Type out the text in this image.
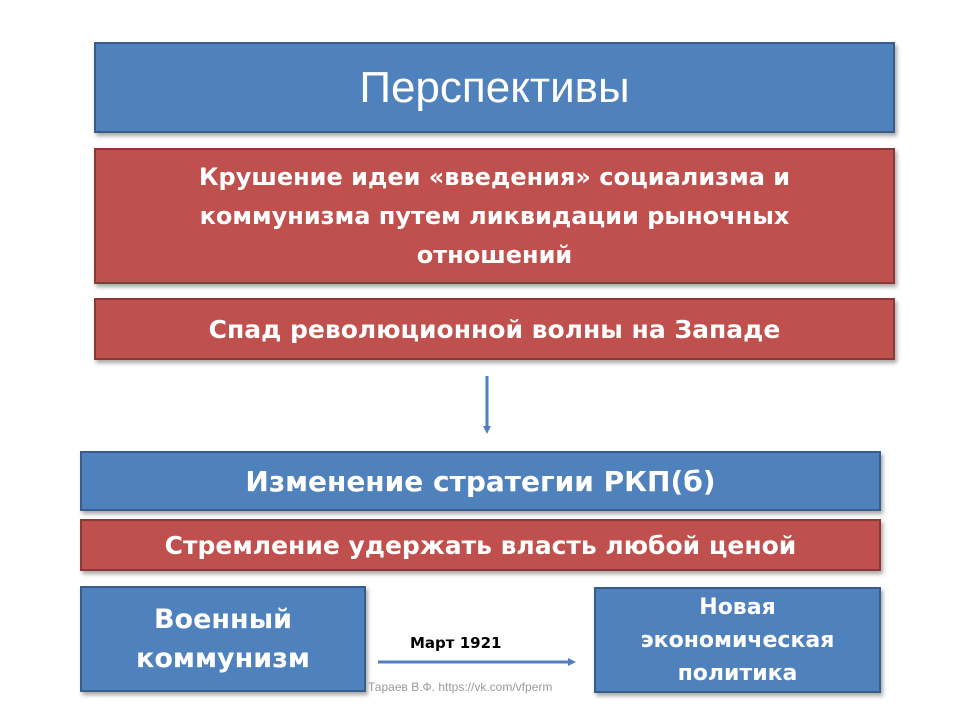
Перспективы
Крушение идеи «введения» социализма и
коммунизма путем ликвидации рыночных
отношений
Спад революционной волны на Западе
Изменение стратегии РКП(б)
Стремление удержать власть любой ценой
Военный
коммунизм	Март 1921
Новая
экономическая
политика
Тараев В.Ф. https://vk.com/vfperm
